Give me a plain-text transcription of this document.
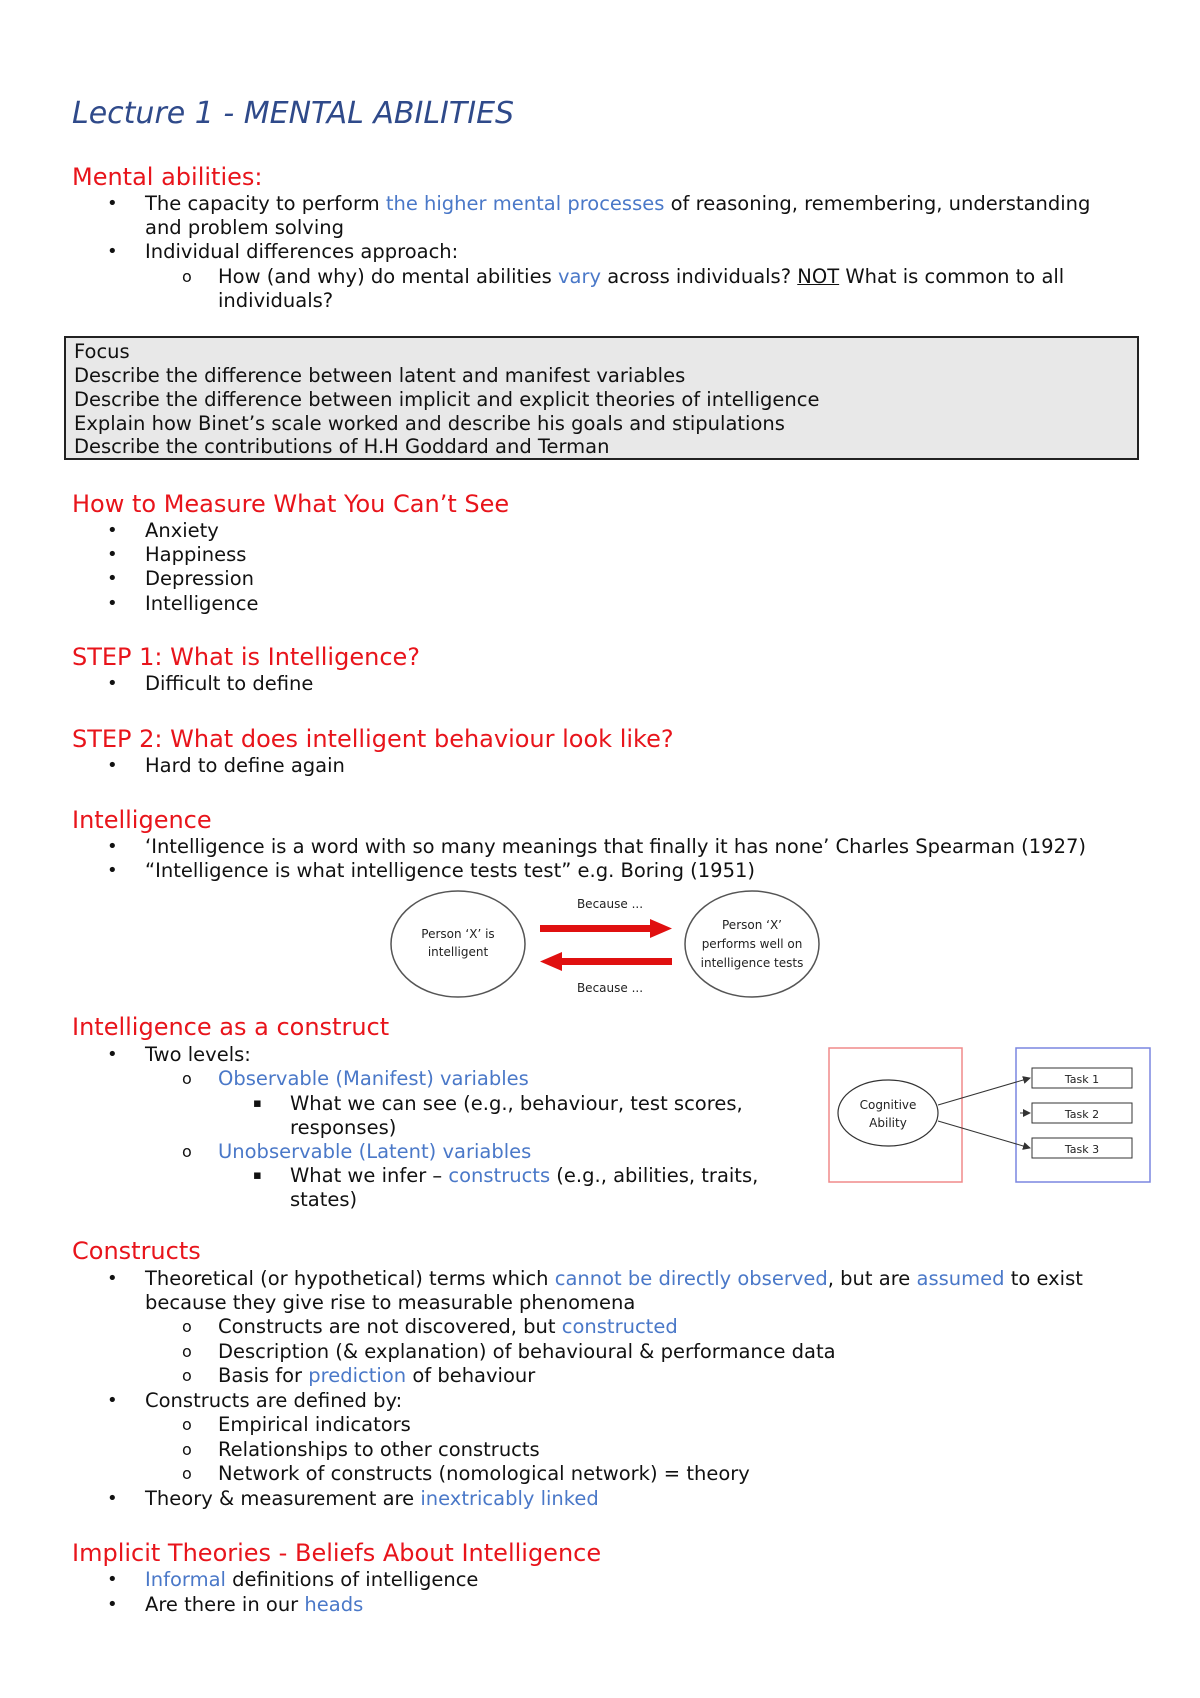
Lecture 1 - MENTAL ABILITIES
Mental abilities:
• The capacity to perform the higher mental processes of reasoning, remembering, understanding
and problem solving
• Individual differences approach:
o How (and why) do mental abilities vary across individuals? NOT What is common to all
individuals?
Focus
Describe the difference between latent and manifest variables
Describe the difference between implicit and explicit theories of intelligence
Explain how Binet’s scale worked and describe his goals and stipulations
Describe the contributions of H.H Goddard and Terman
How to Measure What You Can’t See
• Anxiety
• Happiness
• Depression
• Intelligence
STEP 1: What is Intelligence?
• Difficult to define
STEP 2: What does intelligent behaviour look like?
• Hard to define again
Intelligence
• ‘Intelligence is a word with so many meanings that finally it has none’ Charles Spearman (1927)
• “Intelligence is what intelligence tests test” e.g. Boring (1951)
Person ‘X’ is
intelligent
Person ‘X’
performs well on
intelligence tests
Because ...
Because ...
Intelligence as a construct
• Two levels:
o Observable (Manifest) variables
▪ What we can see (e.g., behaviour, test scores,
responses)
o Unobservable (Latent) variables
▪ What we infer – constructs (e.g., abilities, traits,
states)
Cognitive
Ability
Task 1
Task 2
Task 3
Constructs
• Theoretical (or hypothetical) terms which cannot be directly observed, but are assumed to exist
because they give rise to measurable phenomena
o Constructs are not discovered, but constructed
o Description (& explanation) of behavioural & performance data
o Basis for prediction of behaviour
• Constructs are defined by:
o Empirical indicators
o Relationships to other constructs
o Network of constructs (nomological network) = theory
• Theory & measurement are inextricably linked
Implicit Theories - Beliefs About Intelligence
• Informal definitions of intelligence
• Are there in our heads
